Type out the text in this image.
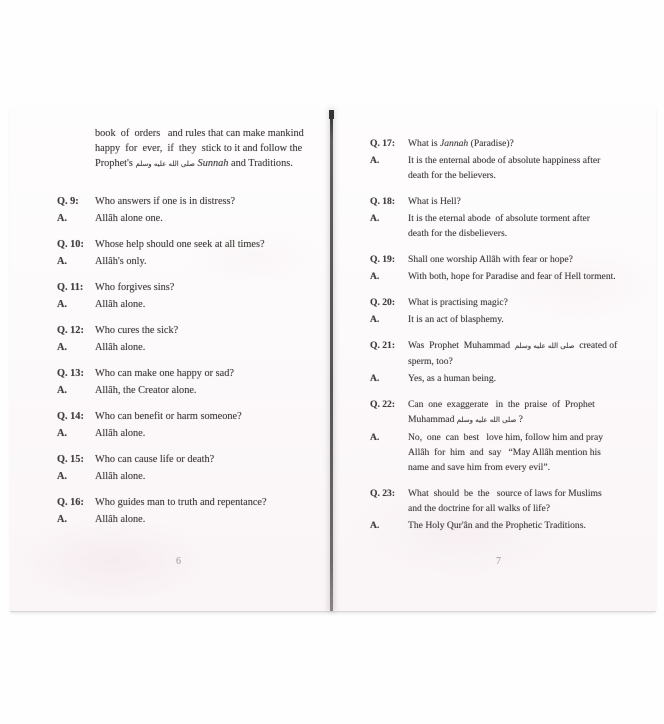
6	7
book  of  orders   and rules that can make mankind
happy  for  ever,  if  they  stick to it and follow the
Prophet's صلى الله عليه وسلم Sunnah and Traditions.
Q. 9:	Who answers if one is in distress?
A.	Allâh alone one.
Q. 10:	Whose help should one seek at all times?
A.	Allâh's only.
Q. 11:	Who forgives sins?
A.	Allâh alone.
Q. 12:	Who cures the sick?
A.	Allâh alone.
Q. 13:	Who can make one happy or sad?
A.	Allâh, the Creator alone.
Q. 14:	Who can benefit or harm someone?
A.	Allâh alone.
Q. 15:	Who can cause life or death?
A.	Allâh alone.
Q. 16:	Who guides man to truth and repentance?
A.	Allâh alone.
Q. 17:	What is Jannah (Paradise)?
A.	It is the enternal abode of absolute happiness after
death for the believers.
Q. 18:	What is Hell?
A.	It is the eternal abode  of absolute torment after
death for the disbelievers.
Q. 19:	Shall one worship Allâh with fear or hope?
A.	With both, hope for Paradise and fear of Hell torment.
Q. 20:	What is practising magic?
A.	It is an act of blasphemy.
Q. 21:	Was  Prophet  Muhammad  صلى الله عليه وسلم  created of
sperm, too?
A.	Yes, as a human being.
Q. 22:	Can  one  exaggerate   in  the  praise  of  Prophet
Muhammad صلى الله عليه وسلم ?
A.	No,  one  can  best   love him, follow him and pray
Allâh  for  him  and  say   “May Allâh mention his
name and save him from every evil”.
Q. 23:	What  should  be  the   source of laws for Muslims
and the doctrine for all walks of life?
A.	The Holy Qur'ân and the Prophetic Traditions.
